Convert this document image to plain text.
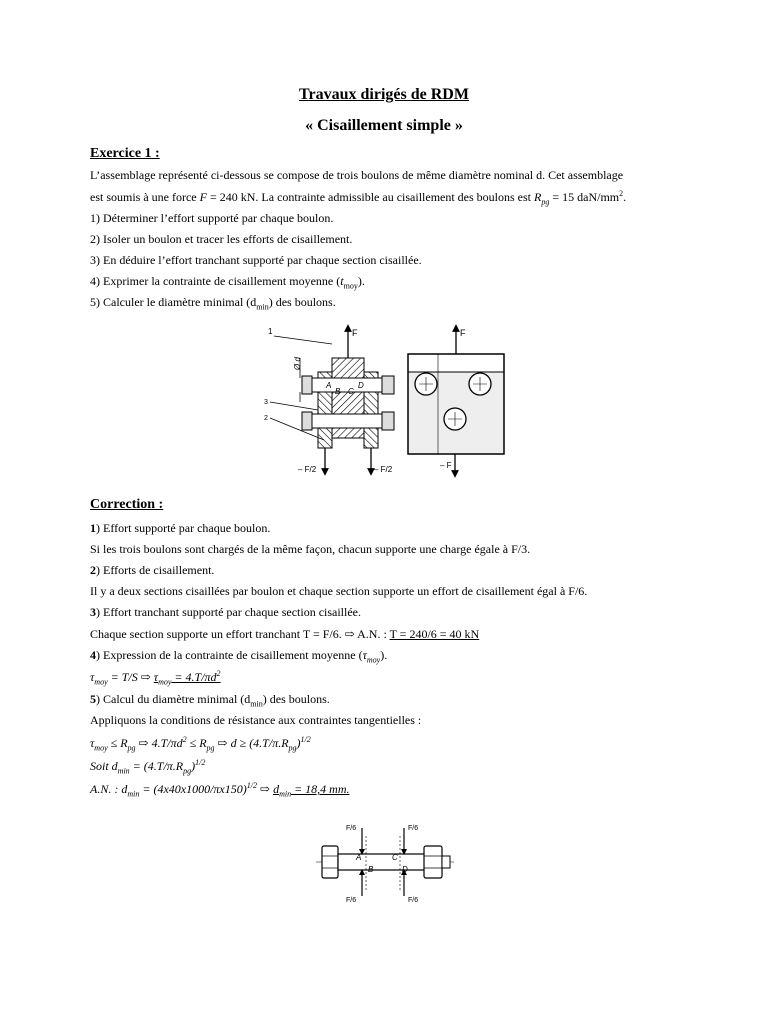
Travaux dirigés de RDM
« Cisaillement simple »
Exercice 1 :
L’assemblage représenté ci-dessous se compose de trois boulons de même diamètre nominal d. Cet assemblage
est soumis à une force F = 240 kN. La contrainte admissible au cisaillement des boulons est $R_{pg} = 15$ daN/$mm^2$.
1) Déterminer l’effort supporté par chaque boulon.
2) Isoler un boulon et tracer les efforts de cisaillement.
3) En déduire l’effort tranchant supporté par chaque section cisaillée.
4) Exprimer la contrainte de cisaillement moyenne $(t_{moy})$.
5) Calculer le diamètre minimal $(d_{min})$ des boulons.
F
A
B C
D
Ø d
1
3
2
– F/2	– F/2
F
– F
Correction :
1) Effort supporté par chaque boulon.
Si les trois boulons sont chargés de la même façon, chacun supporte une charge égale à F/3.
2) Efforts de cisaillement.
Il y a deux sections cisaillées par boulon et chaque section supporte un effort de cisaillement égal à F/6.
3) Effort tranchant supporté par chaque section cisaillée.
Chaque section supporte un effort tranchant T = F/6. ⇨ A.N. : T = 240/6 = 40 kN
4) Expression de la contrainte de cisaillement moyenne $(\tau_{moy})$.
$\tau_{moy} = T/S$ ⇨ $\tau_{moy} = 4.T/\pi d^2$
5) Calcul du diamètre minimal $(d_{min})$ des boulons.
Appliquons la conditions de résistance aux contraintes tangentielles :
$\tau_{moy} \le R_{pg}$ ⇨ $4.T/\pi d^2 \le R_{pg}$ ⇨ $d \ge (4.T/\pi.R_{pg})^{1/2}$
Soit $d_{min} = (4.T/\pi.R_{pg})^{1/2}$
A.N. : $d_{min} = (4x40x1000/\pi x150)^{1/2}$ ⇨ $d_{min} = 18,4$ mm.
F/6	F/6
F/6	F/6
A
B
C
D
